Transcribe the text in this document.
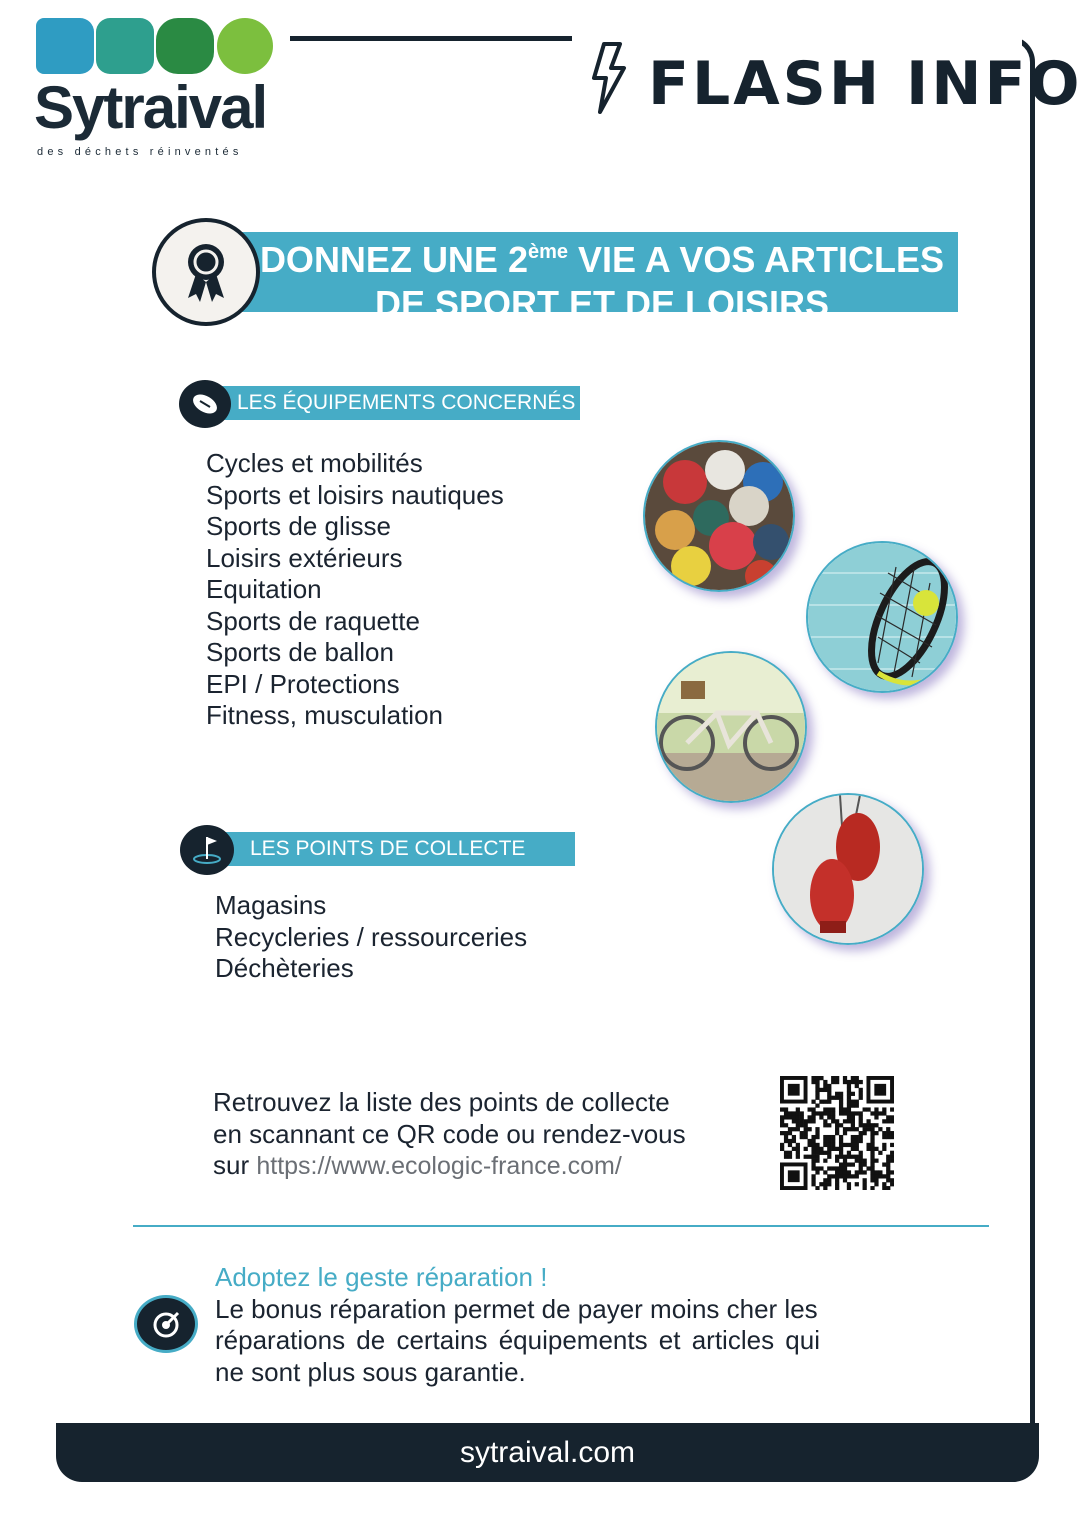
Sytraival
des déchets réinventés
FLASH INFO
DONNEZ UNE 2ème VIE A VOS ARTICLES
DE SPORT ET DE LOISIRS
LES ÉQUIPEMENTS CONCERNÉS
Cycles et mobilités
Sports et loisirs nautiques
Sports de glisse
Loisirs extérieurs
Equitation
Sports de raquette
Sports de ballon
EPI / Protections
Fitness, musculation
LES POINTS DE COLLECTE
Magasins
Recycleries / ressourceries
Déchèteries
Retrouvez la liste des points de collecte
en scannant ce QR code ou rendez-vous
sur https://www.ecologic-france.com/
Adoptez le geste réparation !
Le bonus réparation permet de payer moins cher les
réparations de certains équipements et articles qui
ne sont plus sous garantie.
sytraival.com
